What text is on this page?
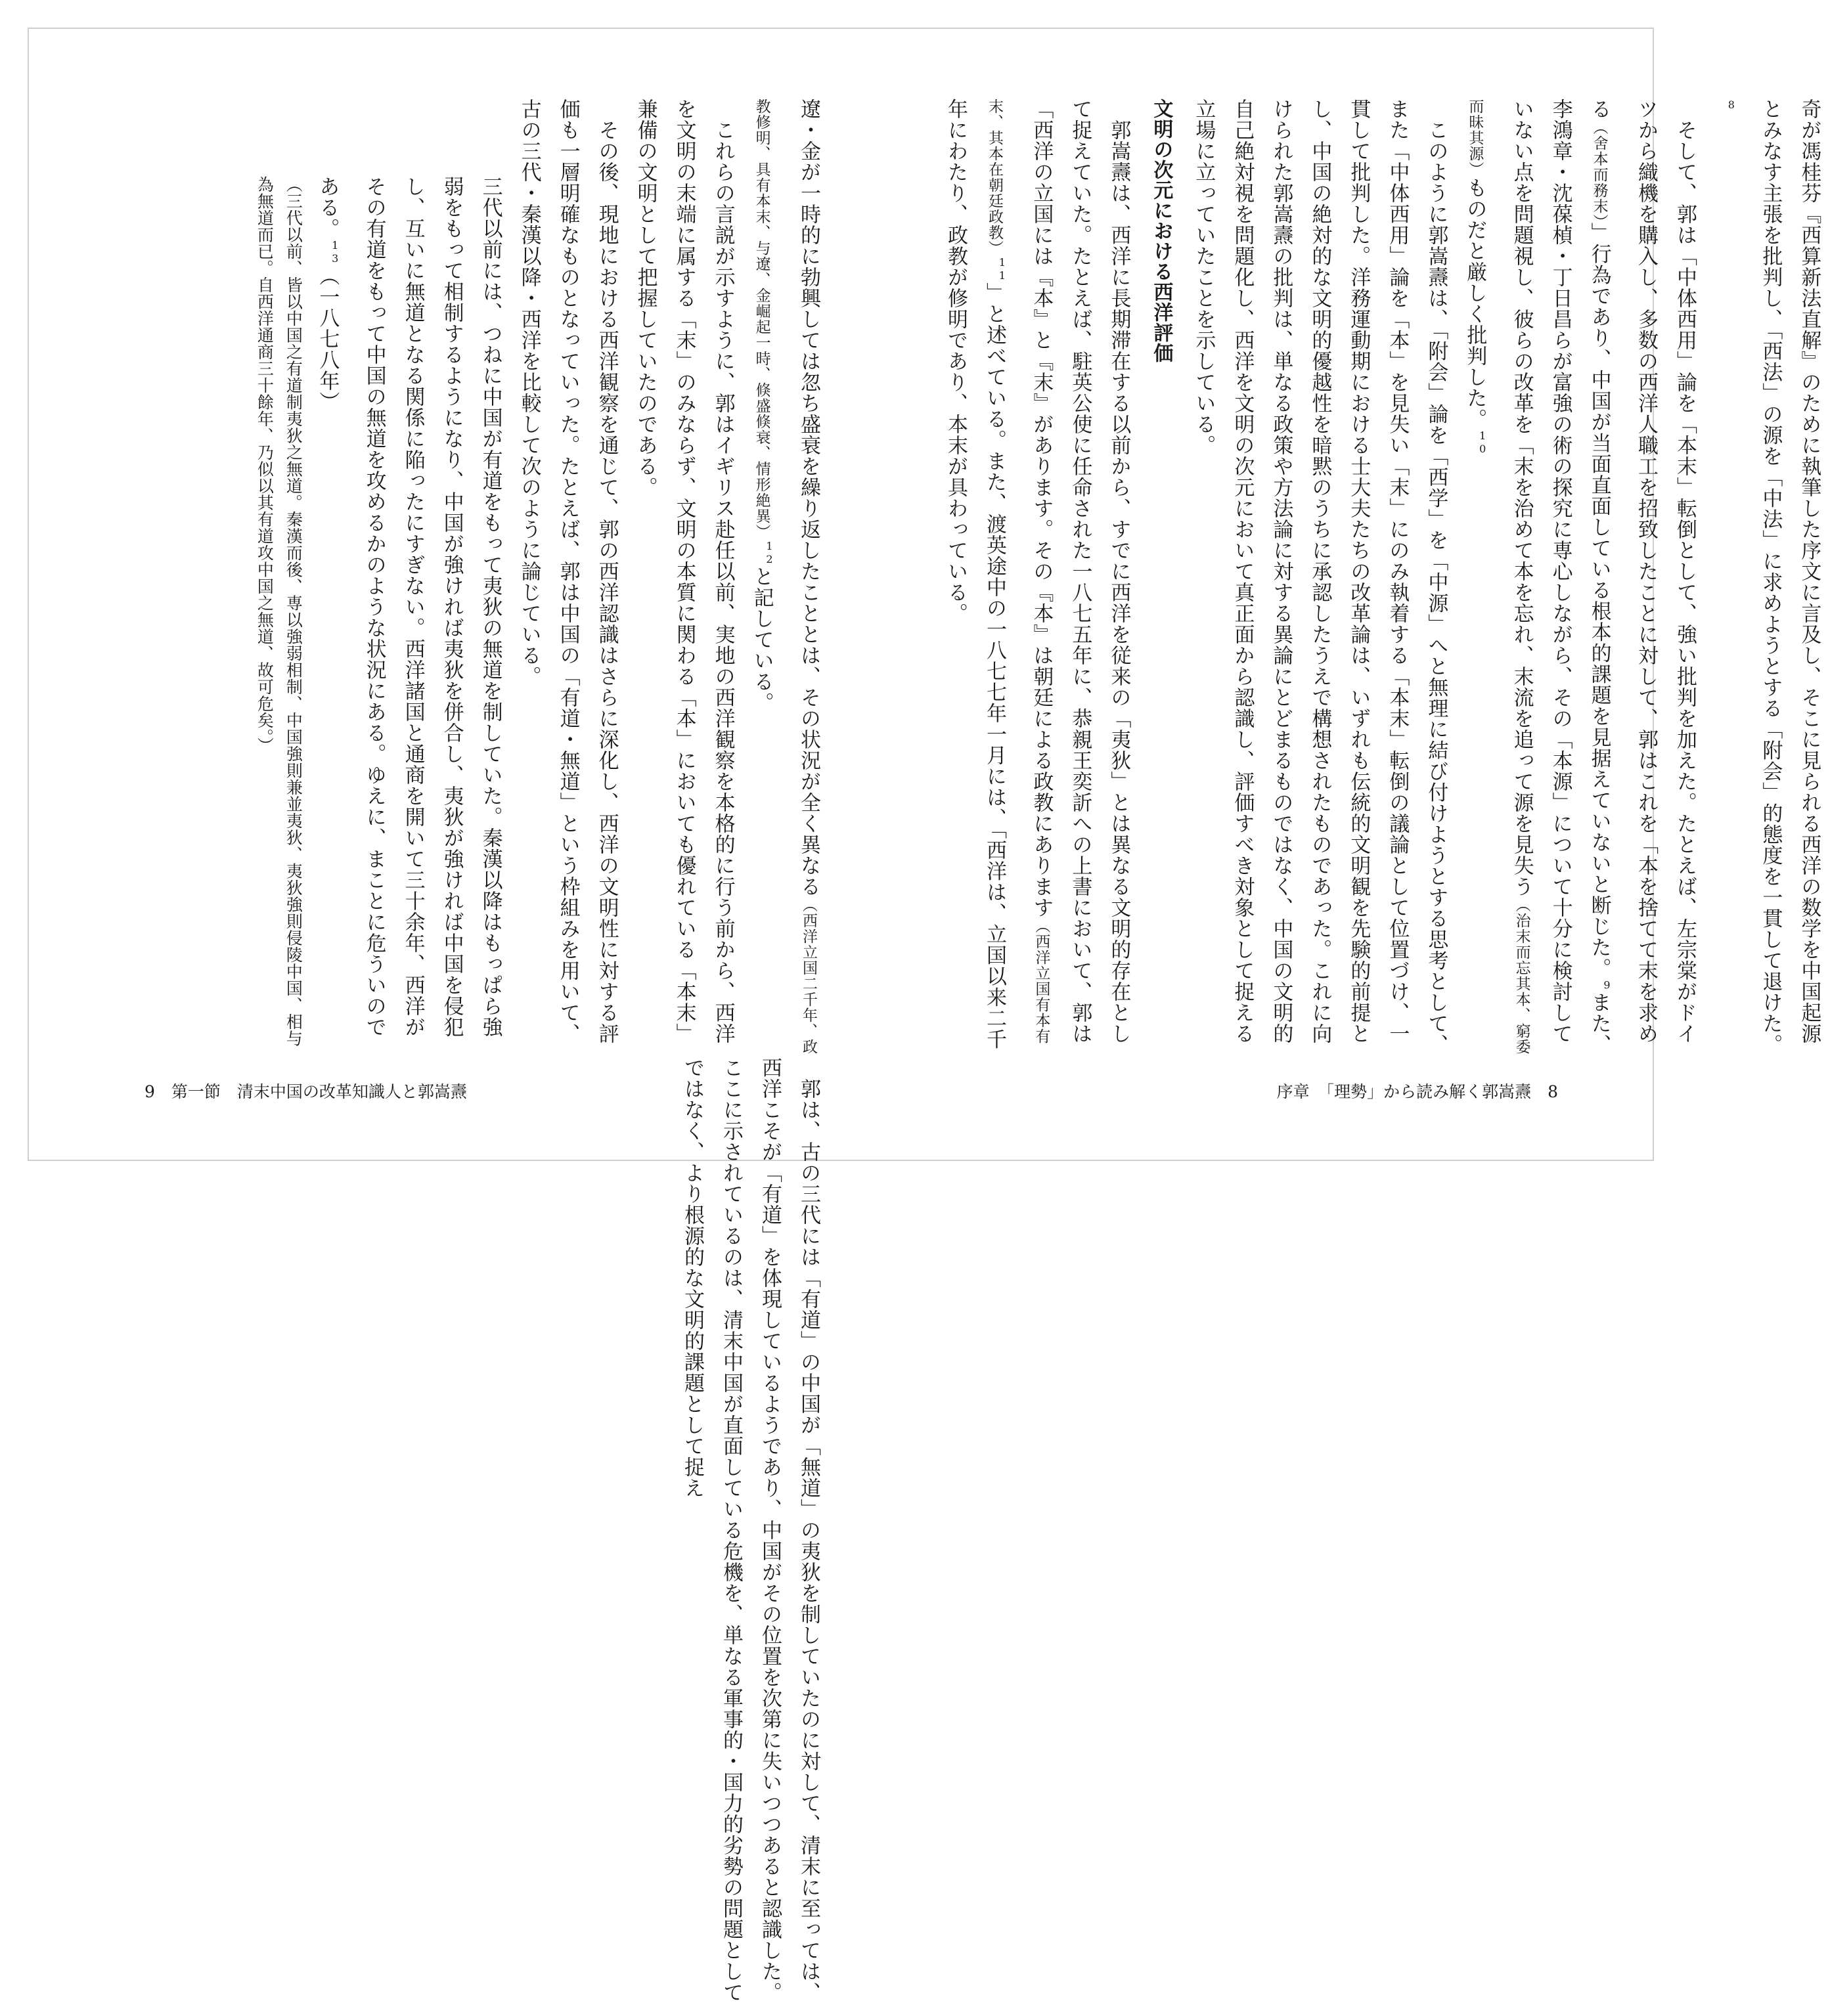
奇が馮桂芬『西算新法直解』のために執筆した序文に言及し、そこに見られる西洋の数学を中国起源とみなす主張を批判し、「西法」の源を「中法」に求めようとする「附会」的態度を一貫して退けた。$^8$

　そして、郭は「中体西用」論を「本末」転倒として、強い批判を加えた。たとえば、左宗棠がドイツから織機を購入し、多数の西洋人職工を招致したことに対して、郭はこれを「本を捨てて末を求める（舍本而務末）」行為であり、中国が当面直面している根本的課題を見据えていないと断じた。$^9$また、李鴻章・沈葆楨・丁日昌らが富強の術の探究に専心しながら、その「本源」について十分に検討していない点を問題視し、彼らの改革を「末を治めて本を忘れ、末流を追って源を見失う（治末而忘其本、窮委而昧其源）ものだと厳しく批判した。$^{10}$

　このように郭嵩燾は、「附会」論を「西学」を「中源」へと無理に結び付けようとする思考として、また「中体西用」論を「本」を見失い「末」にのみ執着する「本末」転倒の議論として位置づけ、一貫して批判した。洋務運動期における士大夫たちの改革論は、いずれも伝統的文明観を先験的前提とし、中国の絶対的な文明的優越性を暗黙のうちに承認したうえで構想されたものであった。これに向けられた郭嵩燾の批判は、単なる政策や方法論に対する異論にとどまるものではなく、中国の文明的自己絶対視を問題化し、西洋を文明の次元において真正面から認識し、評価すべき対象として捉える立場に立っていたことを示している。

文明の次元における西洋評価

　郭嵩燾は、西洋に長期滞在する以前から、すでに西洋を従来の「夷狄」とは異なる文明的存在として捉えていた。たとえば、駐英公使に任命された一八七五年に、恭親王奕訢への上書において、郭は「西洋の立国には『本』と『末』があります。その『本』は朝廷による政教にあります（西洋立国有本有末、其本在朝廷政教）$^{11}$」と述べている。また、渡英途中の一八七七年一月には、「西洋は、立国以来二千年にわたり、政教が修明であり、本末が具わっている。

遼・金が一時的に勃興しては忽ち盛衰を繰り返したこととは、その状況が全く異なる（西洋立国二千年、政教修明、具有本末、与遼、金崛起一時、倏盛倏衰、情形絶異）$^{12}$と記している。

　これらの言説が示すように、郭はイギリス赴任以前、実地の西洋観察を本格的に行う前から、西洋を文明の末端に属する「末」のみならず、文明の本質に関わる「本」においても優れている「本末」兼備の文明として把握していたのである。

　その後、現地における西洋観察を通じて、郭の西洋認識はさらに深化し、西洋の文明性に対する評価も一層明確なものとなっていった。たとえば、郭は中国の「有道・無道」という枠組みを用いて、古の三代・秦漢以降・西洋を比較して次のように論じている。

三代以前には、つねに中国が有道をもって夷狄の無道を制していた。秦漢以降はもっぱら強弱をもって相制するようになり、中国が強ければ夷狄を併合し、夷狄が強ければ中国を侵犯し、互いに無道となる関係に陥ったにすぎない。西洋諸国と通商を開いて三十余年、西洋がその有道をもって中国の無道を攻めるかのような状況にある。ゆえに、まことに危ういのである。$^{13}$（一八七八年）

（三代以前、皆以中国之有道制夷狄之無道。秦漢而後、専以強弱相制、中国強則兼並夷狄、夷狄強則侵陵中国、相与為無道而已。自西洋通商三十餘年、乃似以其有道攻中国之無道、故可危矣。）

　郭は、古の三代には「有道」の中国が「無道」の夷狄を制していたのに対して、清末に至っては、西洋こそが「有道」を体現しているようであり、中国がその位置を次第に失いつつあると認識した。ここに示されているのは、清末中国が直面している危機を、単なる軍事的・国力的劣勢の問題としてではなく、より根源的な文明的課題として捉え

9　第一節　清末中国の改革知識人と郭嵩燾	序章　「理勢」から読み解く郭嵩燾　8
